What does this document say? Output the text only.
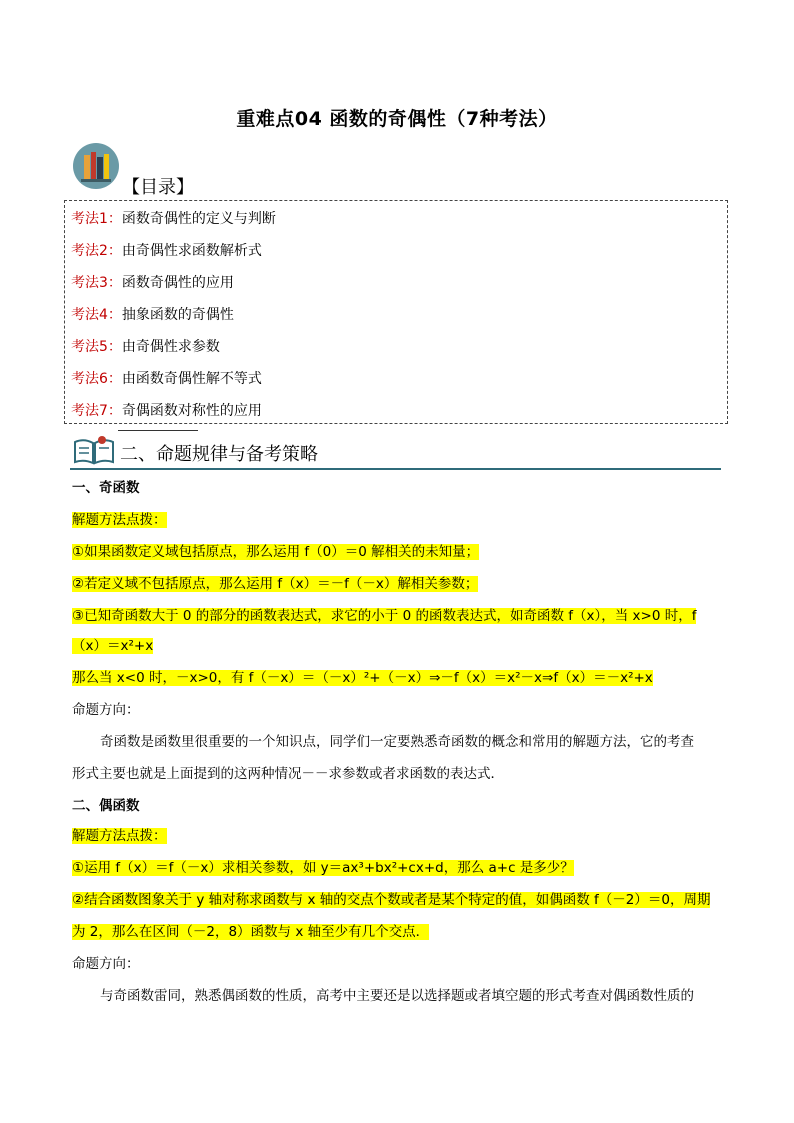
重难点04 函数的奇偶性（7种考法）
【目录】
考法1：函数奇偶性的定义与判断
考法2：由奇偶性求函数解析式
考法3：函数奇偶性的应用
考法4：抽象函数的奇偶性
考法5：由奇偶性求参数
考法6：由函数奇偶性解不等式
考法7：奇偶函数对称性的应用
二、命题规律与备考策略
一、奇函数
解题方法点拨：
①如果函数定义域包括原点，那么运用 f（0）＝0 解相关的未知量；
②若定义域不包括原点，那么运用 f（x）＝－f（－x）解相关参数；
③已知奇函数大于 0 的部分的函数表达式，求它的小于 0 的函数表达式，如奇函数 f（x），当 x>0 时，f
（x）＝x²+x
那么当 x<0 时，－x>0，有 f（－x）＝（－x）²+（－x）⇒－f（x）＝x²－x⇒f（x）＝－x²+x
命题方向：
奇函数是函数里很重要的一个知识点，同学们一定要熟悉奇函数的概念和常用的解题方法，它的考查
形式主要也就是上面提到的这两种情况－－求参数或者求函数的表达式．
二、偶函数
解题方法点拨：
①运用 f（x）＝f（－x）求相关参数，如 y＝ax³+bx²+cx+d，那么 a+c 是多少？
②结合函数图象关于 y 轴对称求函数与 x 轴的交点个数或者是某个特定的值，如偶函数 f（－2）＝0，周期
为 2，那么在区间（－2，8）函数与 x 轴至少有几个交点．
命题方向：
与奇函数雷同，熟悉偶函数的性质，高考中主要还是以选择题或者填空题的形式考查对偶函数性质的
